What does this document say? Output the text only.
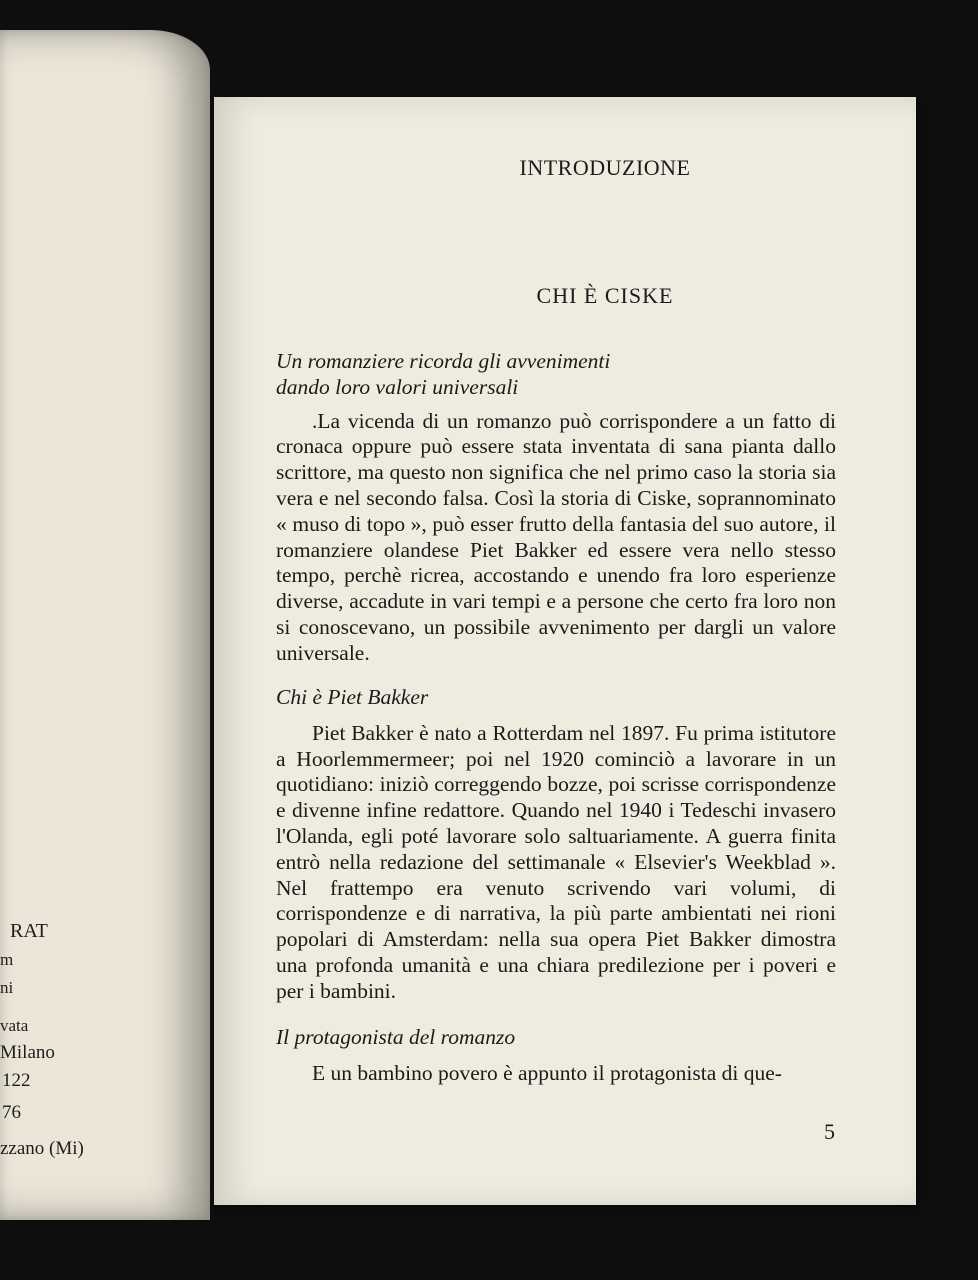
RAT
m
ni
vata
Milano
122
76
zzano (Mi)
INTRODUZIONE
CHI È CISKE
Un romanziere ricorda gli avvenimenti
dando loro valori universali
.La vicenda di un romanzo può corrispondere a un fatto di cronaca oppure può essere stata inventata di sana pianta dallo scrittore, ma questo non significa che nel primo caso la storia sia vera e nel secondo falsa. Così la storia di Ciske, soprannominato « muso di topo », può esser frutto della fantasia del suo autore, il romanziere olandese Piet Bakker ed essere vera nello stesso tempo, perchè ricrea, accostando e unendo fra loro esperienze diverse, accadute in vari tempi e a persone che certo fra loro non si conoscevano, un possibile avvenimento per dargli un valore universale.
Chi è Piet Bakker
Piet Bakker è nato a Rotterdam nel 1897. Fu prima istitutore a Hoorlemmermeer; poi nel 1920 cominciò a lavorare in un quotidiano: iniziò correggendo bozze, poi scrisse corrispondenze e divenne infine redattore. Quando nel 1940 i Tedeschi invasero l'Olanda, egli poté lavorare solo saltuariamente. A guerra finita entrò nella redazione del settimanale « Elsevier's Weekblad ». Nel frattempo era venuto scrivendo vari volumi, di corrispondenze e di narrativa, la più parte ambientati nei rioni popolari di Amsterdam: nella sua opera Piet Bakker dimostra una profonda umanità e una chiara predilezione per i poveri e per i bambini.
Il protagonista del romanzo
E un bambino povero è appunto il protagonista di que-
5
